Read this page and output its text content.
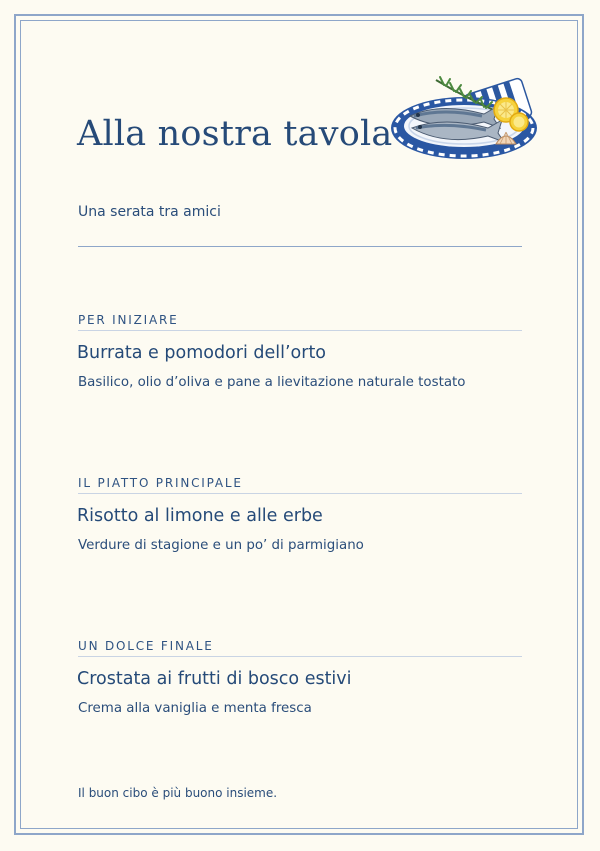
Alla nostra tavola
Una serata tra amici
PER INIZIARE
Burrata e pomodori dell’orto
Basilico, olio d’oliva e pane a lievitazione naturale tostato
IL PIATTO PRINCIPALE
Risotto al limone e alle erbe
Verdure di stagione e un po’ di parmigiano
UN DOLCE FINALE
Crostata ai frutti di bosco estivi
Crema alla vaniglia e menta fresca
Il buon cibo è più buono insieme.
